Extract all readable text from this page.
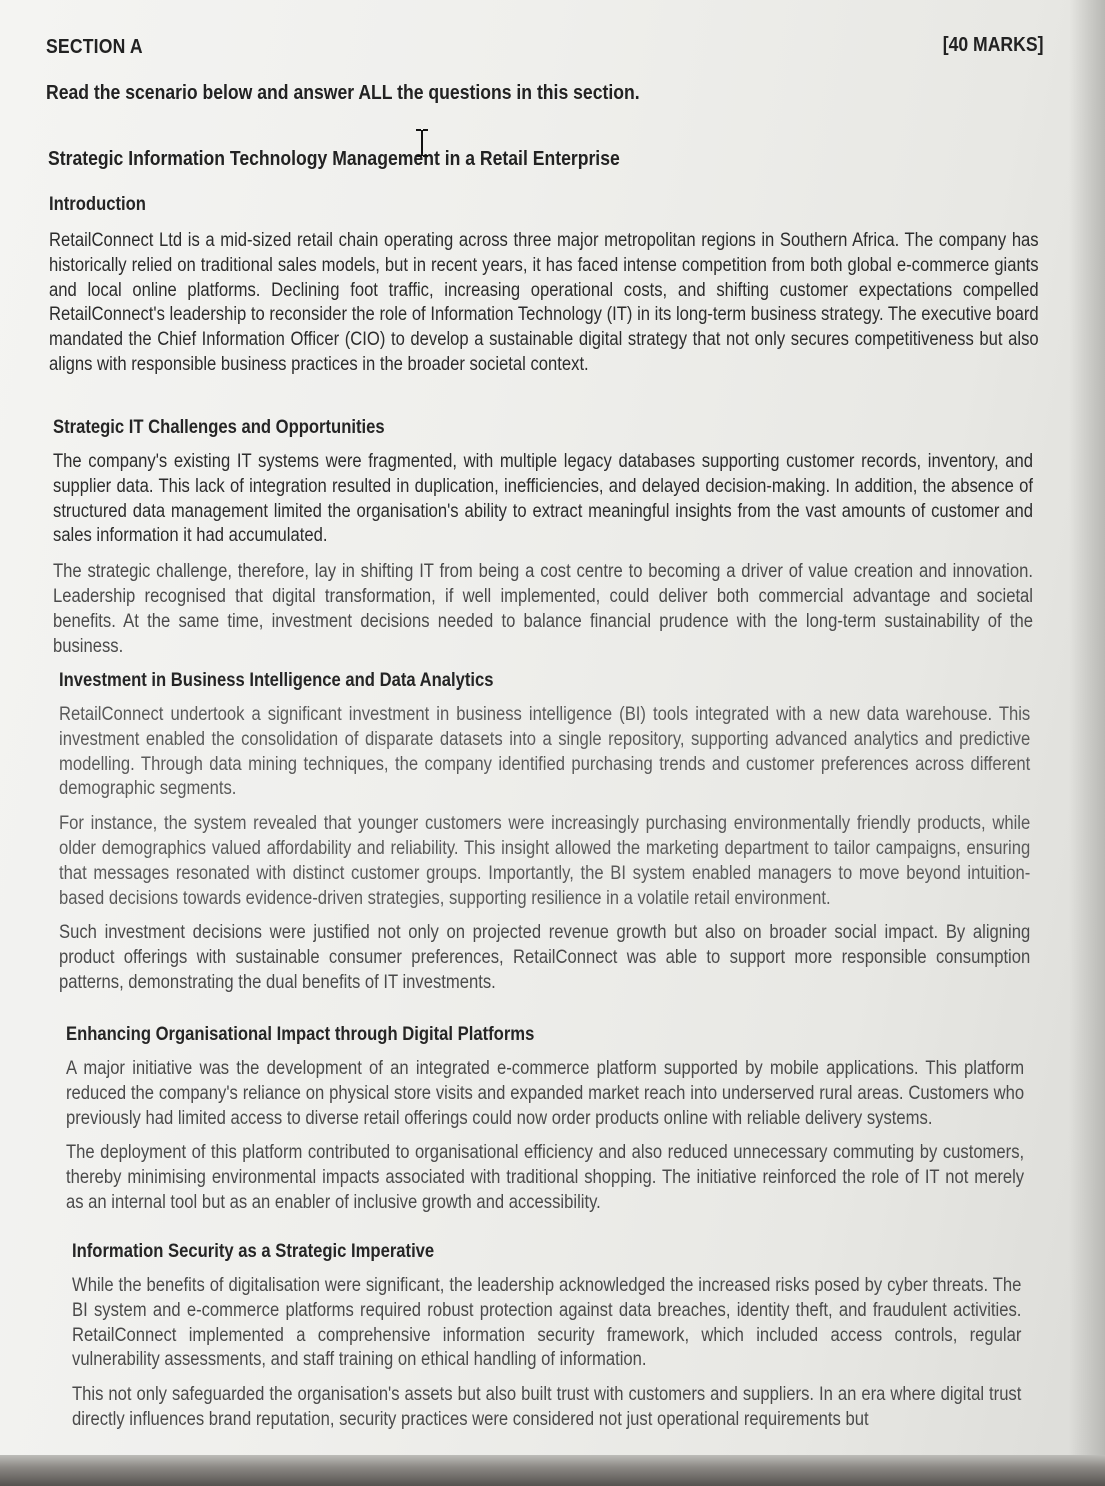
SECTION A	[40 MARKS]
Read the scenario below and answer ALL the questions in this section.
Strategic Information Technology Management in a Retail Enterprise
Introduction
RetailConnect Ltd is a mid-sized retail chain operating across three major metropolitan regions in Southern Africa. The company has historically relied on traditional sales models, but in recent years, it has faced intense competition from both global e-commerce giants and local online platforms. Declining foot traffic, increasing operational costs, and shifting customer expectations compelled RetailConnect's leadership to reconsider the role of Information Technology (IT) in its long-term business strategy. The executive board mandated the Chief Information Officer (CIO) to develop a sustainable digital strategy that not only secures competitiveness but also aligns with responsible business practices in the broader societal context.
Strategic IT Challenges and Opportunities
The company's existing IT systems were fragmented, with multiple legacy databases supporting customer records, inventory, and supplier data. This lack of integration resulted in duplication, inefficiencies, and delayed decision-making. In addition, the absence of structured data management limited the organisation's ability to extract meaningful insights from the vast amounts of customer and sales information it had accumulated.
The strategic challenge, therefore, lay in shifting IT from being a cost centre to becoming a driver of value creation and innovation. Leadership recognised that digital transformation, if well implemented, could deliver both commercial advantage and societal benefits. At the same time, investment decisions needed to balance financial prudence with the long-term sustainability of the business.
Investment in Business Intelligence and Data Analytics
RetailConnect undertook a significant investment in business intelligence (BI) tools integrated with a new data warehouse. This investment enabled the consolidation of disparate datasets into a single repository, supporting advanced analytics and predictive modelling. Through data mining techniques, the company identified purchasing trends and customer preferences across different demographic segments.
For instance, the system revealed that younger customers were increasingly purchasing environmentally friendly products, while older demographics valued affordability and reliability. This insight allowed the marketing department to tailor campaigns, ensuring that messages resonated with distinct customer groups. Importantly, the BI system enabled managers to move beyond intuition-based decisions towards evidence-driven strategies, supporting resilience in a volatile retail environment.
Such investment decisions were justified not only on projected revenue growth but also on broader social impact. By aligning product offerings with sustainable consumer preferences, RetailConnect was able to support more responsible consumption patterns, demonstrating the dual benefits of IT investments.
Enhancing Organisational Impact through Digital Platforms
A major initiative was the development of an integrated e-commerce platform supported by mobile applications. This platform reduced the company's reliance on physical store visits and expanded market reach into underserved rural areas. Customers who previously had limited access to diverse retail offerings could now order products online with reliable delivery systems.
The deployment of this platform contributed to organisational efficiency and also reduced unnecessary commuting by customers, thereby minimising environmental impacts associated with traditional shopping. The initiative reinforced the role of IT not merely as an internal tool but as an enabler of inclusive growth and accessibility.
Information Security as a Strategic Imperative
While the benefits of digitalisation were significant, the leadership acknowledged the increased risks posed by cyber threats. The BI system and e-commerce platforms required robust protection against data breaches, identity theft, and fraudulent activities. RetailConnect implemented a comprehensive information security framework, which included access controls, regular vulnerability assessments, and staff training on ethical handling of information.
This not only safeguarded the organisation's assets but also built trust with customers and suppliers. In an era where digital trust directly influences brand reputation, security practices were considered not just operational requirements but
